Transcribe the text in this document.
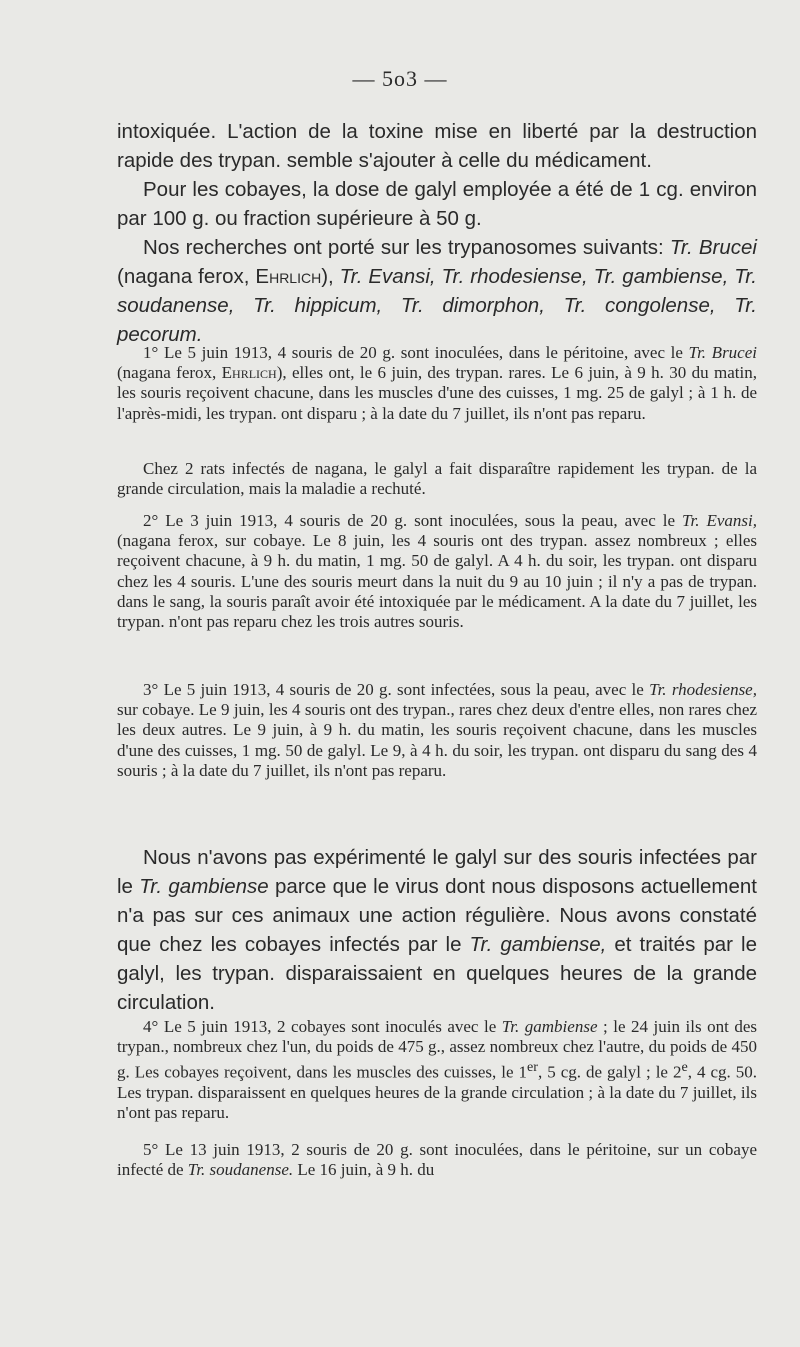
— 5o3 —

intoxiquée. L'action de la toxine mise en liberté par la destruction rapide des trypan. semble s'ajouter à celle du médicament.

Pour les cobayes, la dose de galyl employée a été de 1 cg. environ par 100 g. ou fraction supérieure à 50 g.

Nos recherches ont porté sur les trypanosomes suivants: Tr. Brucei (nagana ferox, Ehrlich), Tr. Evansi, Tr. rhodesiense, Tr. gambiense, Tr. soudanense, Tr. hippicum, Tr. dimorphon, Tr. congolense, Tr. pecorum.

1° Le 5 juin 1913, 4 souris de 20 g. sont inoculées, dans le péritoine, avec le Tr. Brucei (nagana ferox, Ehrlich), elles ont, le 6 juin, des trypan. rares. Le 6 juin, à 9 h. 30 du matin, les souris reçoivent chacune, dans les muscles d'une des cuisses, 1 mg. 25 de galyl ; à 1 h. de l'après-midi, les trypan. ont disparu ; à la date du 7 juillet, ils n'ont pas reparu.
Chez 2 rats infectés de nagana, le galyl a fait disparaître rapidement les trypan. de la grande circulation, mais la maladie a rechuté.
2° Le 3 juin 1913, 4 souris de 20 g. sont inoculées, sous la peau, avec le Tr. Evansi, (nagana ferox, sur cobaye. Le 8 juin, les 4 souris ont des trypan. assez nombreux ; elles reçoivent chacune, à 9 h. du matin, 1 mg. 50 de galyl. A 4 h. du soir, les trypan. ont disparu chez les 4 souris. L'une des souris meurt dans la nuit du 9 au 10 juin ; il n'y a pas de trypan. dans le sang, la souris paraît avoir été intoxiquée par le médicament. A la date du 7 juillet, les trypan. n'ont pas reparu chez les trois autres souris.
3° Le 5 juin 1913, 4 souris de 20 g. sont infectées, sous la peau, avec le Tr. rhodesiense, sur cobaye. Le 9 juin, les 4 souris ont des trypan., rares chez deux d'entre elles, non rares chez les deux autres. Le 9 juin, à 9 h. du matin, les souris reçoivent chacune, dans les muscles d'une des cuisses, 1 mg. 50 de galyl. Le 9, à 4 h. du soir, les trypan. ont disparu du sang des 4 souris ; à la date du 7 juillet, ils n'ont pas reparu.

Nous n'avons pas expérimenté le galyl sur des souris infectées par le Tr. gambiense parce que le virus dont nous disposons actuellement n'a pas sur ces animaux une action régulière. Nous avons constaté que chez les cobayes infectés par le Tr. gambiense, et traités par le galyl, les trypan. disparaissaient en quelques heures de la grande circulation.

4° Le 5 juin 1913, 2 cobayes sont inoculés avec le Tr. gambiense ; le 24 juin ils ont des trypan., nombreux chez l'un, du poids de 475 g., assez nombreux chez l'autre, du poids de 450 g. Les cobayes reçoivent, dans les muscles des cuisses, le 1er, 5 cg. de galyl ; le 2e, 4 cg. 50. Les trypan. disparaissent en quelques heures de la grande circulation ; à la date du 7 juillet, ils n'ont pas reparu.
5° Le 13 juin 1913, 2 souris de 20 g. sont inoculées, dans le péritoine, sur un cobaye infecté de Tr. soudanense. Le 16 juin, à 9 h. du
